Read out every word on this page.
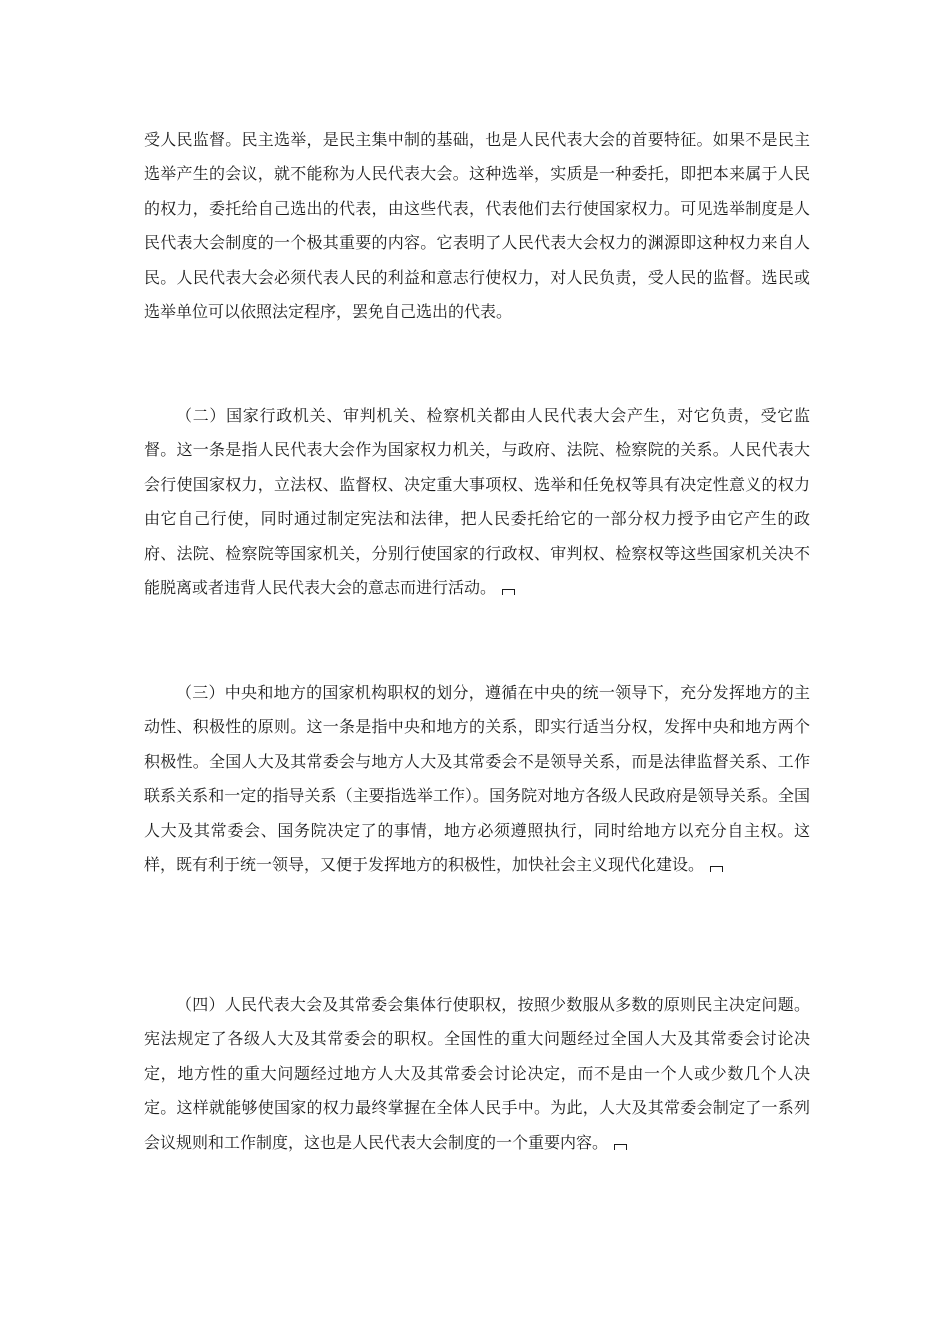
受人民监督。民主选举，是民主集中制的基础，也是人民代表大会的首要特征。如果不是民主选举产生的会议，就不能称为人民代表大会。这种选举，实质是一种委托，即把本来属于人民的权力，委托给自己选出的代表，由这些代表，代表他们去行使国家权力。可见选举制度是人民代表大会制度的一个极其重要的内容。它表明了人民代表大会权力的渊源即这种权力来自人民。人民代表大会必须代表人民的利益和意志行使权力，对人民负责，受人民的监督。选民或选举单位可以依照法定程序，罢免自己选出的代表。

（二）国家行政机关、审判机关、检察机关都由人民代表大会产生，对它负责，受它监督。这一条是指人民代表大会作为国家权力机关，与政府、法院、检察院的关系。人民代表大会行使国家权力，立法权、监督权、决定重大事项权、选举和任免权等具有决定性意义的权力由它自己行使，同时通过制定宪法和法律，把人民委托给它的一部分权力授予由它产生的政府、法院、检察院等国家机关，分别行使国家的行政权、审判权、检察权等这些国家机关决不能脱离或者违背人民代表大会的意志而进行活动。

（三）中央和地方的国家机构职权的划分，遵循在中央的统一领导下，充分发挥地方的主动性、积极性的原则。这一条是指中央和地方的关系，即实行适当分权，发挥中央和地方两个积极性。全国人大及其常委会与地方人大及其常委会不是领导关系，而是法律监督关系、工作联系关系和一定的指导关系（主要指选举工作）。国务院对地方各级人民政府是领导关系。全国人大及其常委会、国务院决定了的事情，地方必须遵照执行，同时给地方以充分自主权。这样，既有利于统一领导，又便于发挥地方的积极性，加快社会主义现代化建设。

（四）人民代表大会及其常委会集体行使职权，按照少数服从多数的原则民主决定问题。宪法规定了各级人大及其常委会的职权。全国性的重大问题经过全国人大及其常委会讨论决定，地方性的重大问题经过地方人大及其常委会讨论决定，而不是由一个人或少数几个人决定。这样就能够使国家的权力最终掌握在全体人民手中。为此，人大及其常委会制定了一系列会议规则和工作制度，这也是人民代表大会制度的一个重要内容。
